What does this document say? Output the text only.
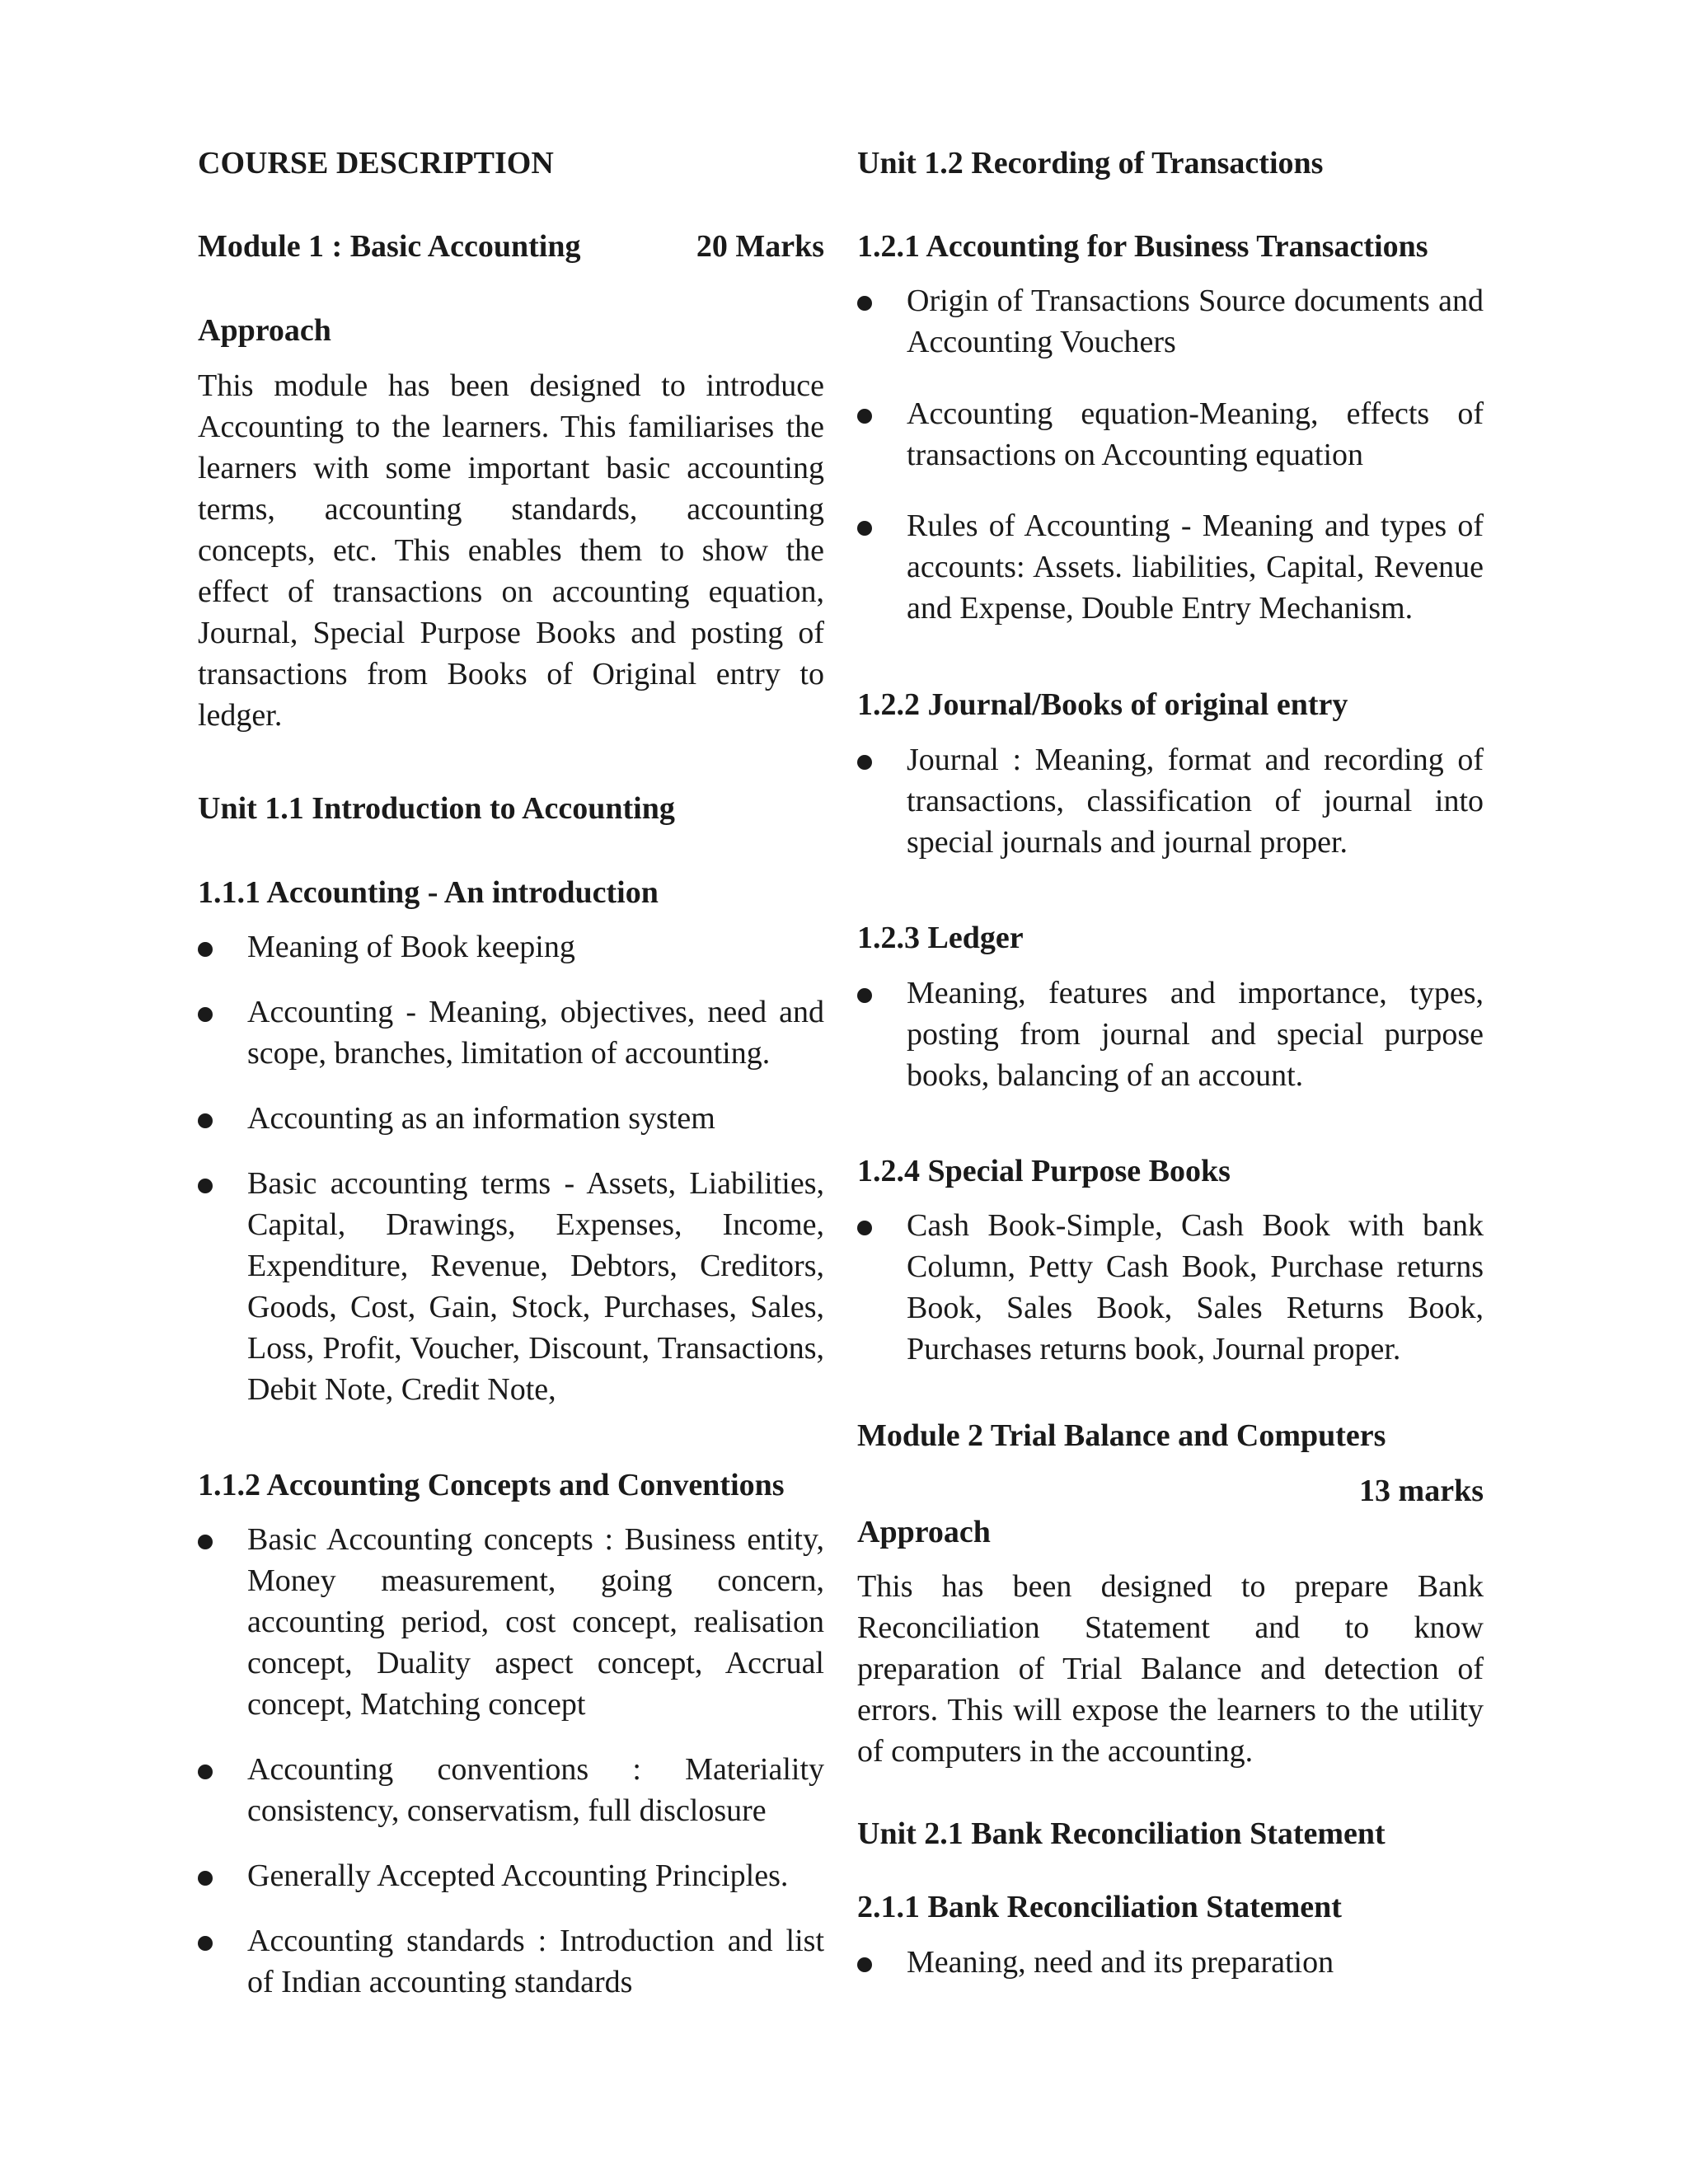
COURSE DESCRIPTION
Module 1 : Basic Accounting	20 Marks
Approach
This module has been designed to introduce Accounting to the learners. This familiarises the learners with some important basic accounting terms, accounting standards, accounting concepts, etc. This enables them to show the effect of transactions on accounting equation, Journal, Special Purpose Books and posting of transactions from Books of Original entry to ledger.
Unit 1.1 Introduction to Accounting
1.1.1 Accounting - An introduction
Meaning of Book keeping
Accounting - Meaning, objectives, need and scope, branches, limitation of accounting.
Accounting as an information system
Basic accounting terms - Assets, Liabilities, Capital, Drawings, Expenses, Income, Expenditure, Revenue, Debtors, Creditors, Goods, Cost, Gain, Stock, Purchases, Sales, Loss, Profit, Voucher, Discount, Transactions, Debit Note, Credit Note,
1.1.2 Accounting Concepts and Conventions
Basic Accounting concepts : Business entity, Money measurement, going concern, accounting period, cost concept, realisation concept, Duality aspect concept, Accrual concept, Matching concept
Accounting conventions : Materiality consistency, conservatism, full disclosure
Generally Accepted Accounting Principles.
Accounting standards : Introduction and list of Indian accounting standards
Unit 1.2 Recording of Transactions
1.2.1 Accounting for Business Transactions
Origin of Transactions Source documents and Accounting Vouchers
Accounting equation-Meaning, effects of transactions on Accounting equation
Rules of Accounting - Meaning and types of accounts: Assets. liabilities, Capital, Revenue and Expense, Double Entry Mechanism.
1.2.2 Journal/Books of original entry
Journal : Meaning, format and recording of transactions, classification of journal into special journals and journal proper.
1.2.3 Ledger
Meaning, features and importance, types, posting from journal and special purpose books, balancing of an account.
1.2.4 Special Purpose Books
Cash Book-Simple, Cash Book with bank Column, Petty Cash Book, Purchase returns Book, Sales Book, Sales Returns Book, Purchases returns book, Journal proper.
Module 2 Trial Balance and Computers
13 marks
Approach
This has been designed to prepare Bank Reconciliation Statement and to know preparation of Trial Balance and detection of errors. This will expose the learners to the utility of computers in the accounting.
Unit 2.1 Bank Reconciliation Statement
2.1.1 Bank Reconciliation Statement
Meaning, need and its preparation
